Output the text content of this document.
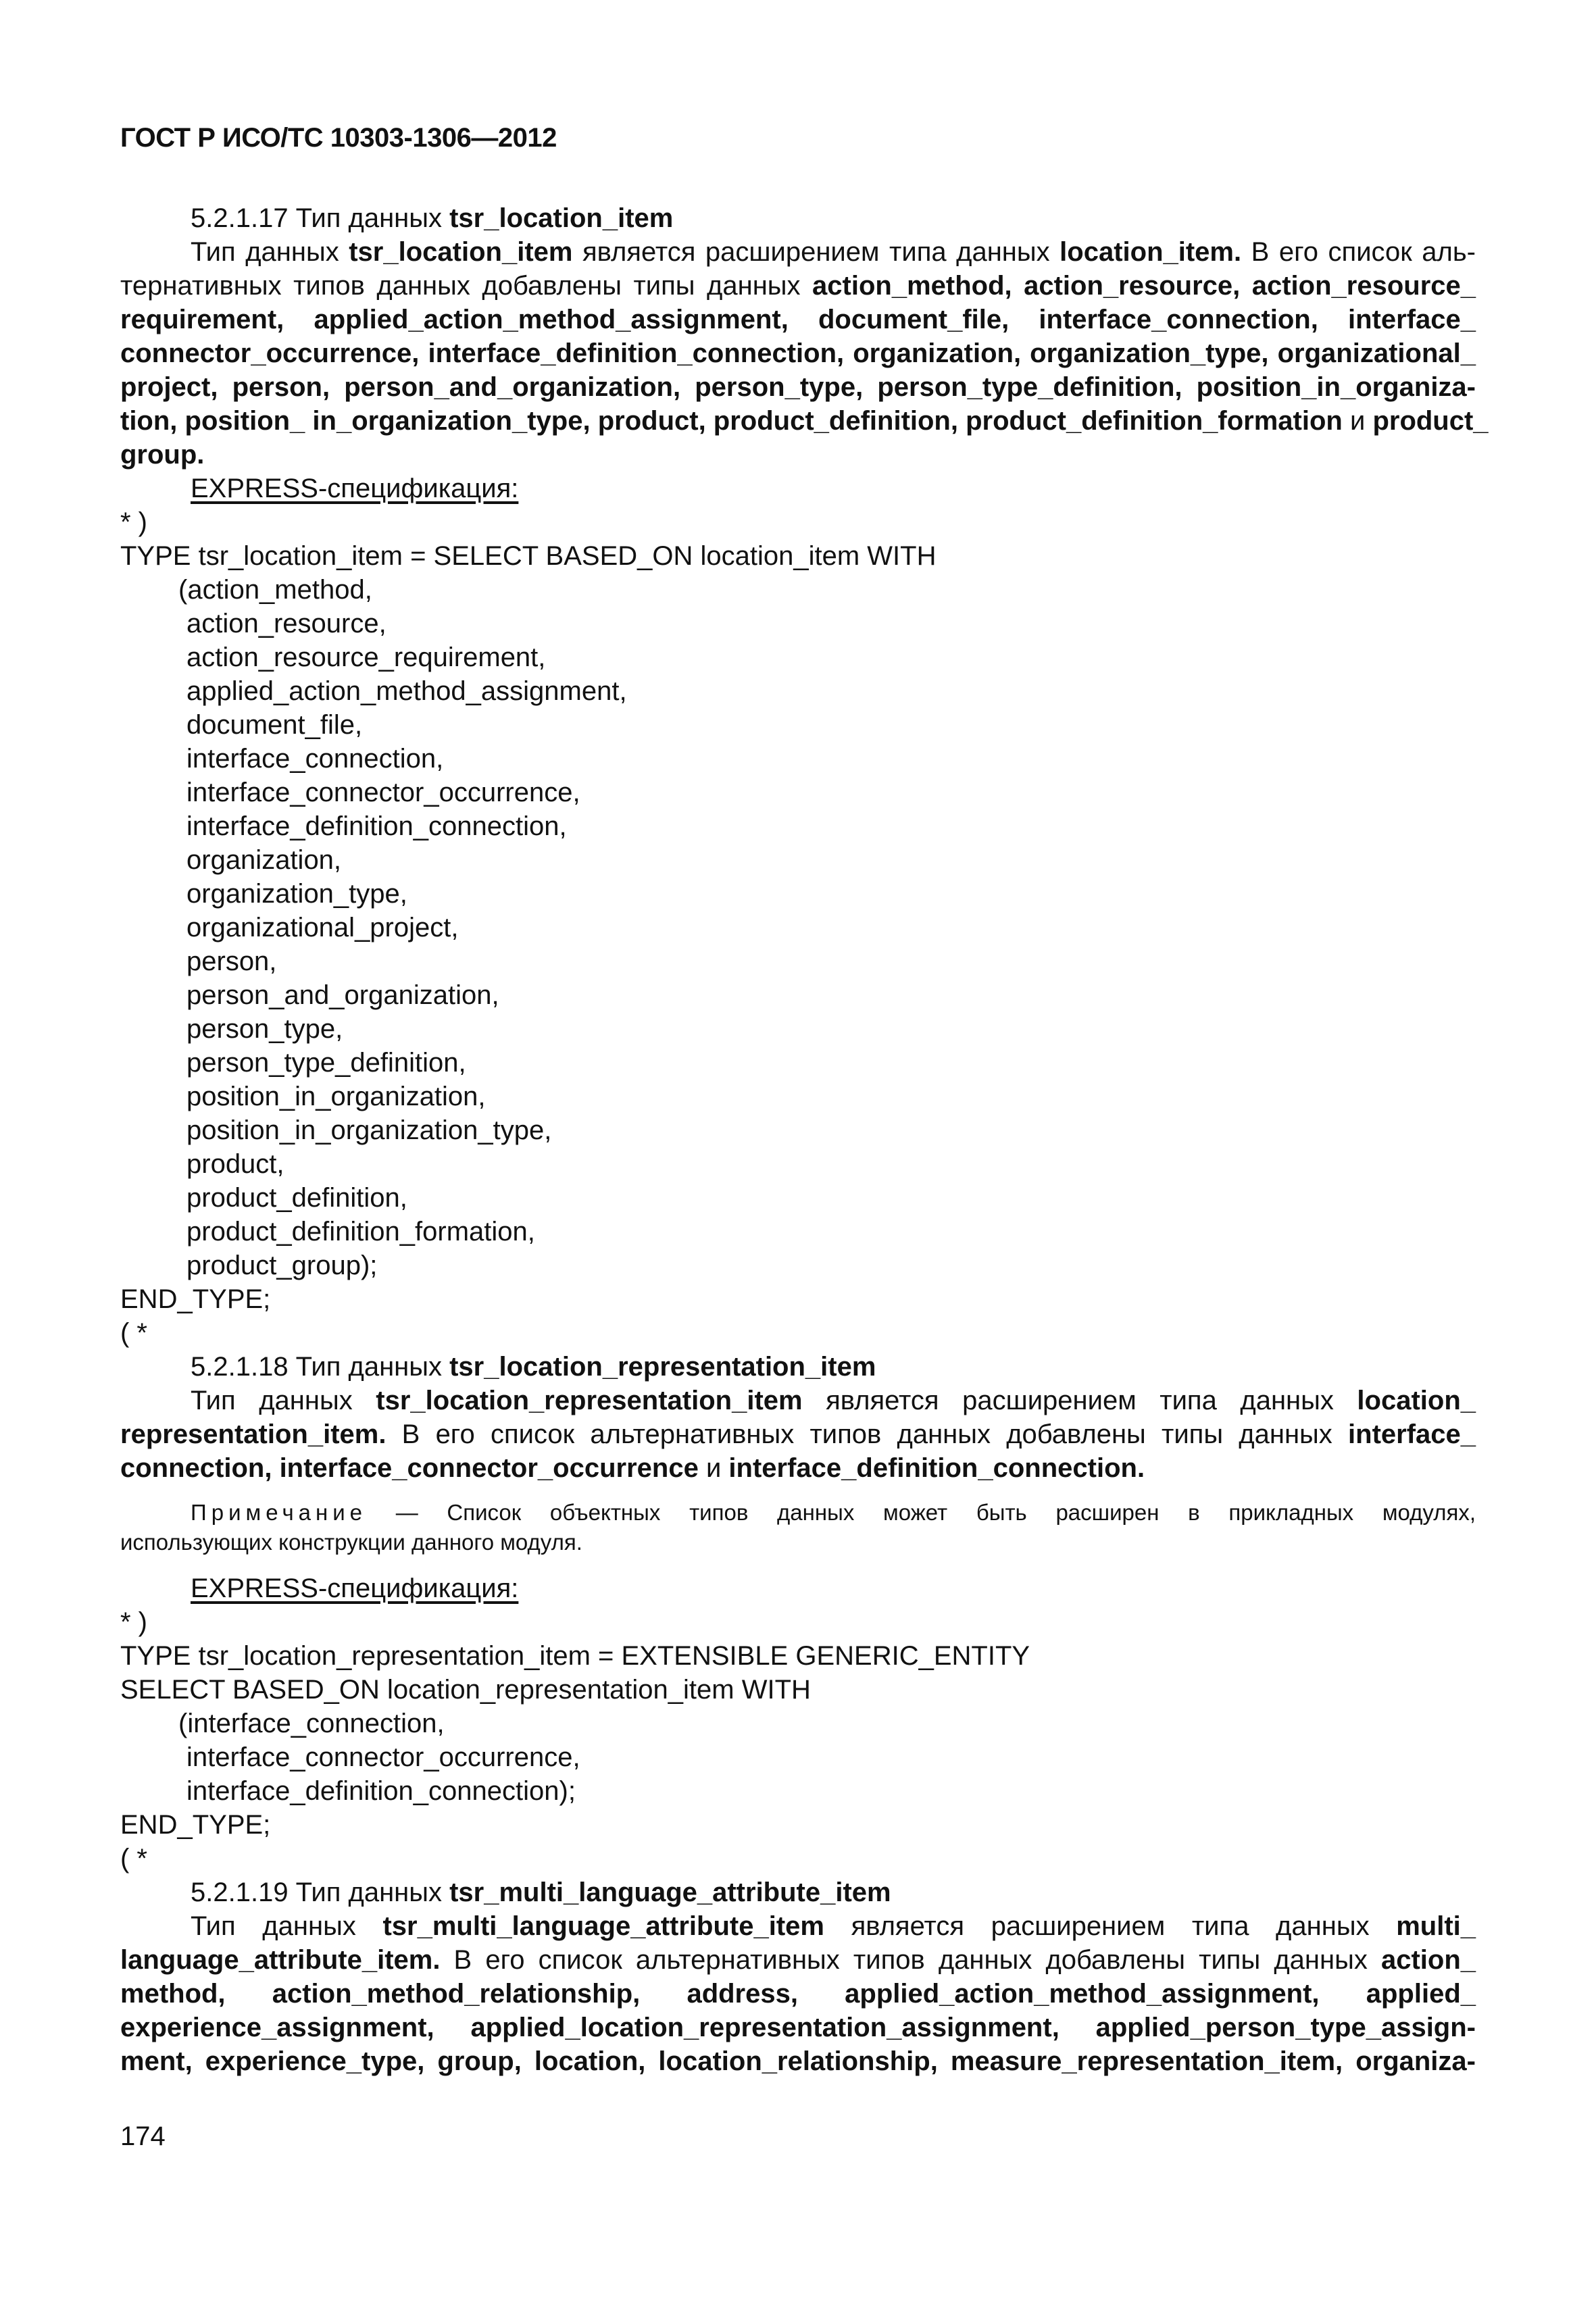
ГОСТ Р ИСО/ТС 10303-1306—2012
5.2.1.17 Тип данных tsr_location_item
Тип данных tsr_location_item является расширением типа данных location_item. В его список аль-
тернативных типов данных добавлены типы данных action_method, action_resource, action_resource_
requirement, applied_action_method_assignment, document_file, interface_connection, interface_
connector_occurrence, interface_definition_connection, organization, organization_type, organizational_
project, person, person_and_organization, person_type, person_type_definition, position_in_organiza-
tion, position_ in_organization_type, product, product_definition, product_definition_formation и product_
group.
EXPRESS-спецификация:
* )
TYPE tsr_location_item = SELECT BASED_ON location_item WITH
(action_method,
action_resource,
action_resource_requirement,
applied_action_method_assignment,
document_file,
interface_connection,
interface_connector_occurrence,
interface_definition_connection,
organization,
organization_type,
organizational_project,
person,
person_and_organization,
person_type,
person_type_definition,
position_in_organization,
position_in_organization_type,
product,
product_definition,
product_definition_formation,
product_group);
END_TYPE;
( *
5.2.1.18 Тип данных tsr_location_representation_item
Тип данных tsr_location_representation_item является расширением типа данных location_
representation_item. В его список альтернативных типов данных добавлены типы данных interface_
connection, interface_connector_occurrence и interface_definition_connection.
Примечание — Список объектных типов данных может быть расширен в прикладных модулях,
использующих конструкции данного модуля.
EXPRESS-спецификация:
* )
TYPE tsr_location_representation_item = EXTENSIBLE GENERIC_ENTITY
SELECT BASED_ON location_representation_item WITH
(interface_connection,
interface_connector_occurrence,
interface_definition_connection);
END_TYPE;
( *
5.2.1.19 Тип данных tsr_multi_language_attribute_item
Тип данных tsr_multi_language_attribute_item является расширением типа данных multi_
language_attribute_item. В его список альтернативных типов данных добавлены типы данных action_
method, action_method_relationship, address, applied_action_method_assignment, applied_
experience_assignment, applied_location_representation_assignment, applied_person_type_assign-
ment, experience_type, group, location, location_relationship, measure_representation_item, organiza-
174
